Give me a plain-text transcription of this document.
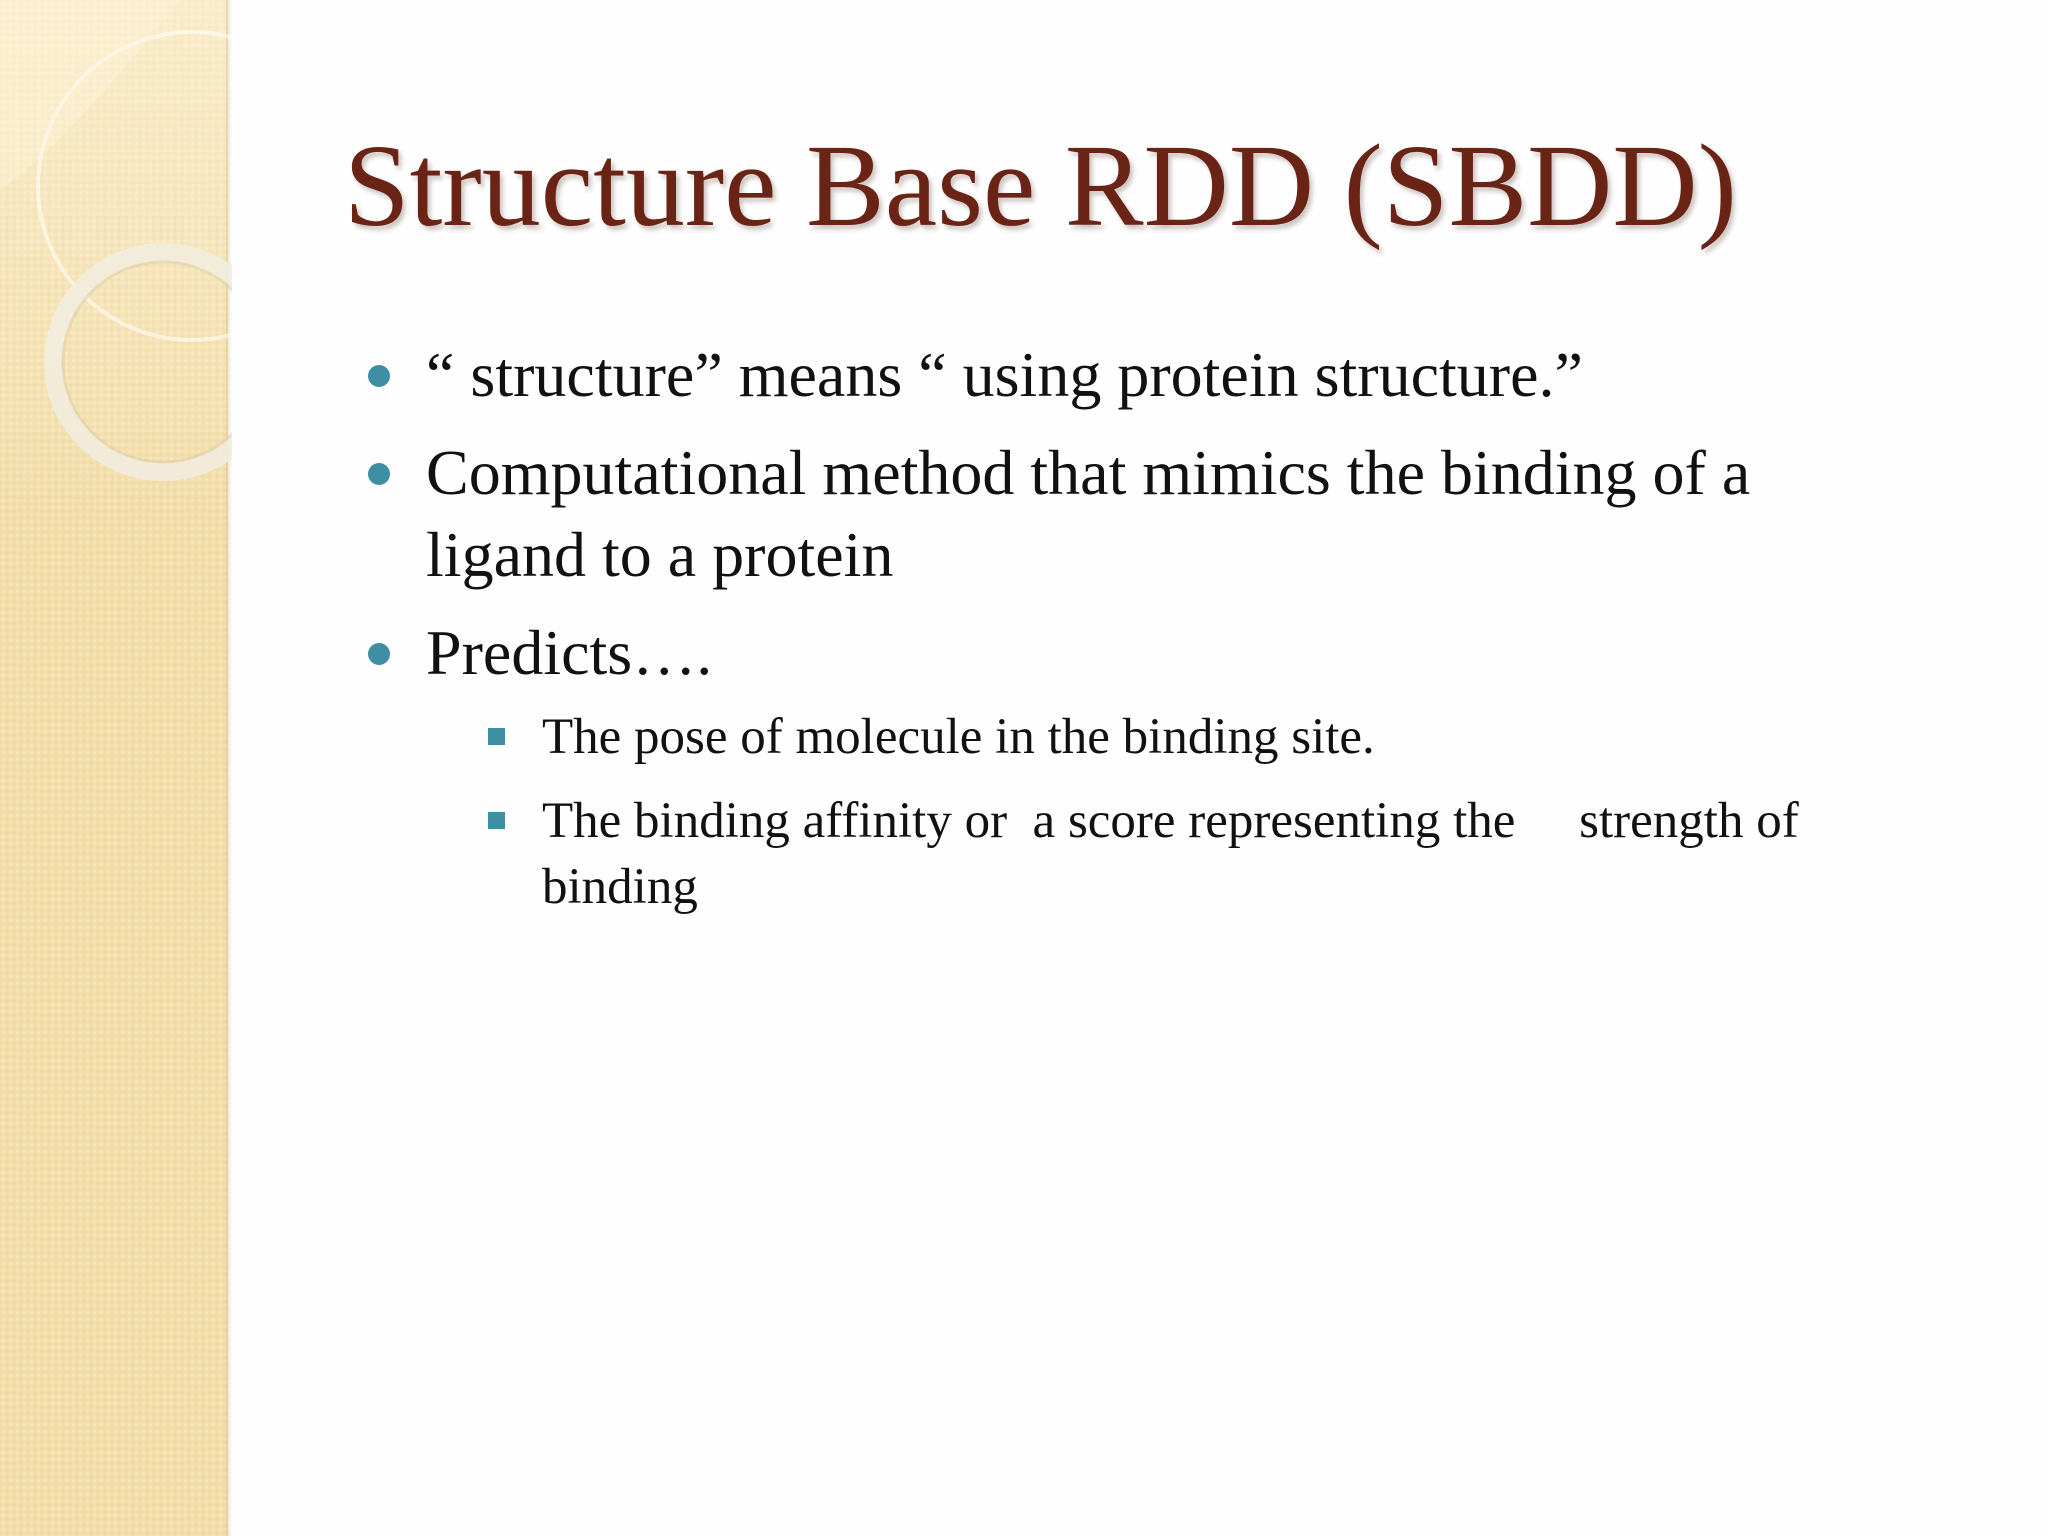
Structure Base RDD (SBDD)
“ structure” means “ using protein structure.”
Computational method that mimics the binding of a ligand to a protein
Predicts….
The pose of molecule in the binding site.
The binding affinity or  a score representing the     strength of binding
